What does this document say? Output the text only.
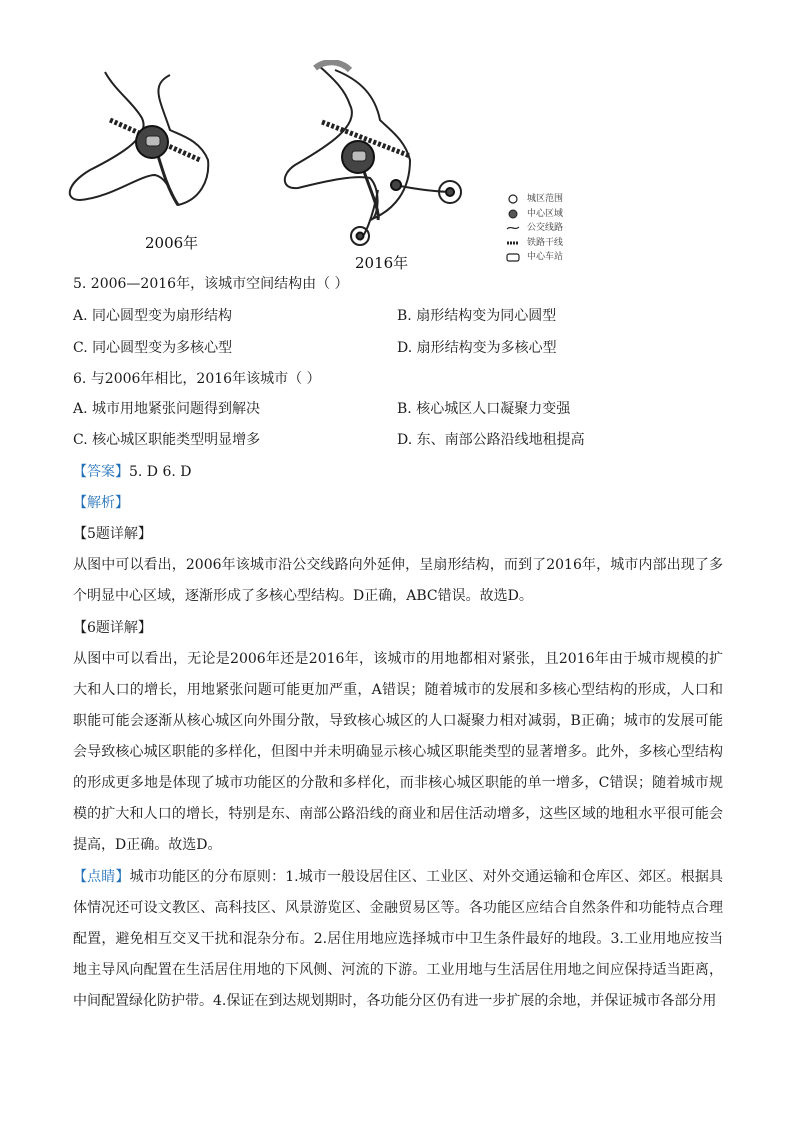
2006年
2016年
城区范围
中心区域
公交线路
铁路干线
中心车站
5. 2006—2016年，该城市空间结构由（ ）
A. 同心圆型变为扇形结构	B. 扇形结构变为同心圆型
C. 同心圆型变为多核心型	D. 扇形结构变为多核心型
6. 与2006年相比，2016年该城市（ ）
A. 城市用地紧张问题得到解决	B. 核心城区人口凝聚力变强
C. 核心城区职能类型明显增多	D. 东、南部公路沿线地租提高
【答案】5. D 6. D
【解析】
【5题详解】
从图中可以看出，2006年该城市沿公交线路向外延伸，呈扇形结构，而到了2016年，城市内部出现了多个明显中心区域，逐渐形成了多核心型结构。D正确，ABC错误。故选D。
【6题详解】
从图中可以看出，无论是2006年还是2016年，该城市的用地都相对紧张，且2016年由于城市规模的扩大和人口的增长，用地紧张问题可能更加严重，A错误；随着城市的发展和多核心型结构的形成，人口和职能可能会逐渐从核心城区向外围分散，导致核心城区的人口凝聚力相对减弱，B正确；城市的发展可能会导致核心城区职能的多样化，但图中并未明确显示核心城区职能类型的显著增多。此外，多核心型结构的形成更多地是体现了城市功能区的分散和多样化，而非核心城区职能的单一增多，C错误；随着城市规模的扩大和人口的增长，特别是东、南部公路沿线的商业和居住活动增多，这些区域的地租水平很可能会提高，D正确。故选D。
【点睛】城市功能区的分布原则：1.城市一般设居住区、工业区、对外交通运输和仓库区、郊区。根据具体情况还可设文教区、高科技区、风景游览区、金融贸易区等。各功能区应结合自然条件和功能特点合理配置，避免相互交叉干扰和混杂分布。2.居住用地应选择城市中卫生条件最好的地段。3.工业用地应按当地主导风向配置在生活居住用地的下风侧、河流的下游。工业用地与生活居住用地之间应保持适当距离，中间配置绿化防护带。4.保证在到达规划期时，各功能分区仍有进一步扩展的余地，并保证城市各部分用
